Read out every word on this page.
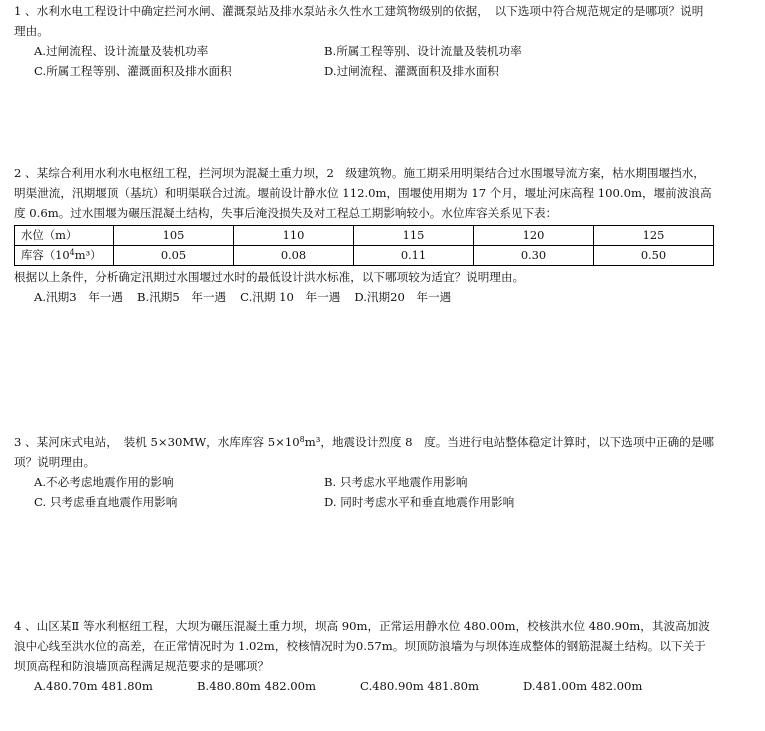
1 、水利水电工程设计中确定拦河水闸、灌溉泵站及排水泵站永久性水工建筑物级别的依据，　以下选项中符合规范规定的是哪项？说明理由。
A.过闸流程、设计流量及装机功率	B.所属工程等别、设计流量及装机功率
C.所属工程等别、灌溉面积及排水面积	D.过闸流程、灌溉面积及排水面积
2 、某综合利用水利水电枢纽工程，拦河坝为混凝土重力坝，2　级建筑物。施工期采用明渠结合过水围堰导流方案，枯水期围堰挡水，明渠泄流，汛期堰顶（基坑）和明渠联合过流。堰前设计静水位 112.0m，围堰使用期为 17 个月，堰址河床高程 100.0m，堰前波浪高度 0.6m。过水围堰为碾压混凝土结构，失事后淹没损失及对工程总工期影响较小。水位库容关系见下表：
水位（m）	105	110	115	120	125
库容$(10^4m^3)$	0.05	0.08	0.11	0.30	0.50
根据以上条件，分析确定汛期过水围堰过水时的最低设计洪水标准，以下哪项较为适宜？说明理由。
A.汛期3　年一遇 B.汛期5　年一遇 C.汛期 10　年一遇 D.汛期20　年一遇
3 、某河床式电站，　装机 5×30MW，水库库容 $5\times 10^8m^3$，地震设计烈度 8　度。当进行电站整体稳定计算时，以下选项中正确的是哪项？说明理由。
A.不必考虑地震作用的影响	B. 只考虑水平地震作用影响
C. 只考虑垂直地震作用影响	D. 同时考虑水平和垂直地震作用影响
4 、山区某Ⅱ 等水利枢纽工程，大坝为碾压混凝土重力坝，坝高 90m，正常运用静水位 480.00m，校核洪水位 480.90m，其波高加波浪中心线至洪水位的高差，在正常情况时为 1.02m，校核情况时为0.57m。坝顶防浪墙为与坝体连成整体的钢筋混凝土结构。以下关于坝顶高程和防浪墙顶高程满足规范要求的是哪项？
A.480.70m 481.80m	B.480.80m 482.00m	C.480.90m 481.80m	D.481.00m 482.00m
